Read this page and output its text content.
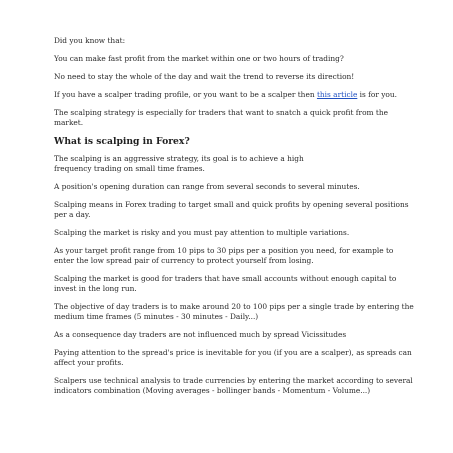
Did you know that:

You can make fast profit from the market within one or two hours of trading?

No need to stay the whole of the day and wait the trend to reverse its direction!

If you have a scalper trading profile, or you want to be a scalper then this article is for you.

The scalping strategy is especially for traders that want to snatch a quick profit from the market.

What is scalping in Forex?

The scalping is an aggressive strategy, its goal is to achieve a high
frequency trading on small time frames.

A position's opening duration can range from several seconds to several minutes.

Scalping means in Forex trading to target small and quick profits by opening several positions per a day.

Scalping the market is risky and you must pay attention to multiple variations.

As your target profit range from 10 pips to 30 pips per a position you need, for example to enter the low spread pair of currency to protect yourself from losing.

Scalping the market is good for traders that have small accounts without enough capital to invest in the long run.

The objective of day traders is to make around 20 to 100 pips per a single trade by entering the medium time frames (5 minutes - 30 minutes - Daily...)

As a consequence day traders are not influenced much by spread Vicissitudes

Paying attention to the spread's price is inevitable for you (if you are a scalper), as spreads can affect your profits.

Scalpers use technical analysis to trade currencies by entering the market according to several indicators combination (Moving averages - bollinger bands - Momentum - Volume...)
